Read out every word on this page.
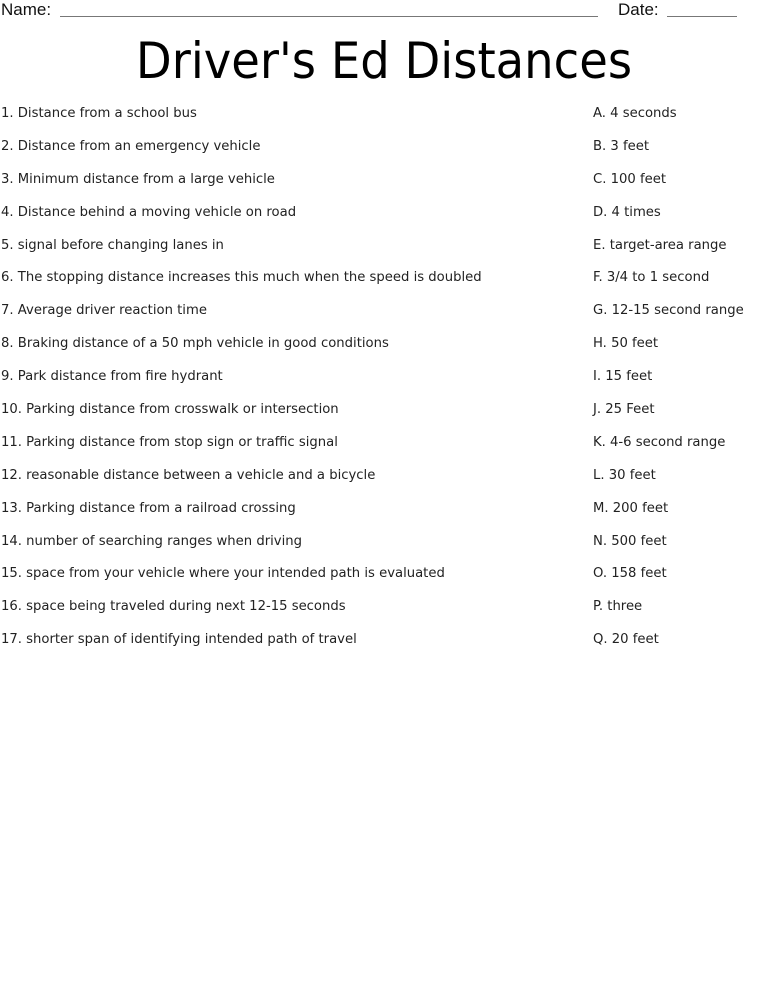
Name:	Date:
Driver's Ed Distances
1. Distance from a school bus
2. Distance from an emergency vehicle
3. Minimum distance from a large vehicle
4. Distance behind a moving vehicle on road
5. signal before changing lanes in
6. The stopping distance increases this much when the speed is doubled
7. Average driver reaction time
8. Braking distance of a 50 mph vehicle in good conditions
9. Park distance from fire hydrant
10. Parking distance from crosswalk or intersection
11. Parking distance from stop sign or traffic signal
12. reasonable distance between a vehicle and a bicycle
13. Parking distance from a railroad crossing
14. number of searching ranges when driving
15. space from your vehicle where your intended path is evaluated
16. space being traveled during next 12-15 seconds
17. shorter span of identifying intended path of travel
A. 4 seconds
B. 3 feet
C. 100 feet
D. 4 times
E. target-area range
F. 3/4 to 1 second
G. 12-15 second range
H. 50 feet
I. 15 feet
J. 25 Feet
K. 4-6 second range
L. 30 feet
M. 200 feet
N. 500 feet
O. 158 feet
P. three
Q. 20 feet
